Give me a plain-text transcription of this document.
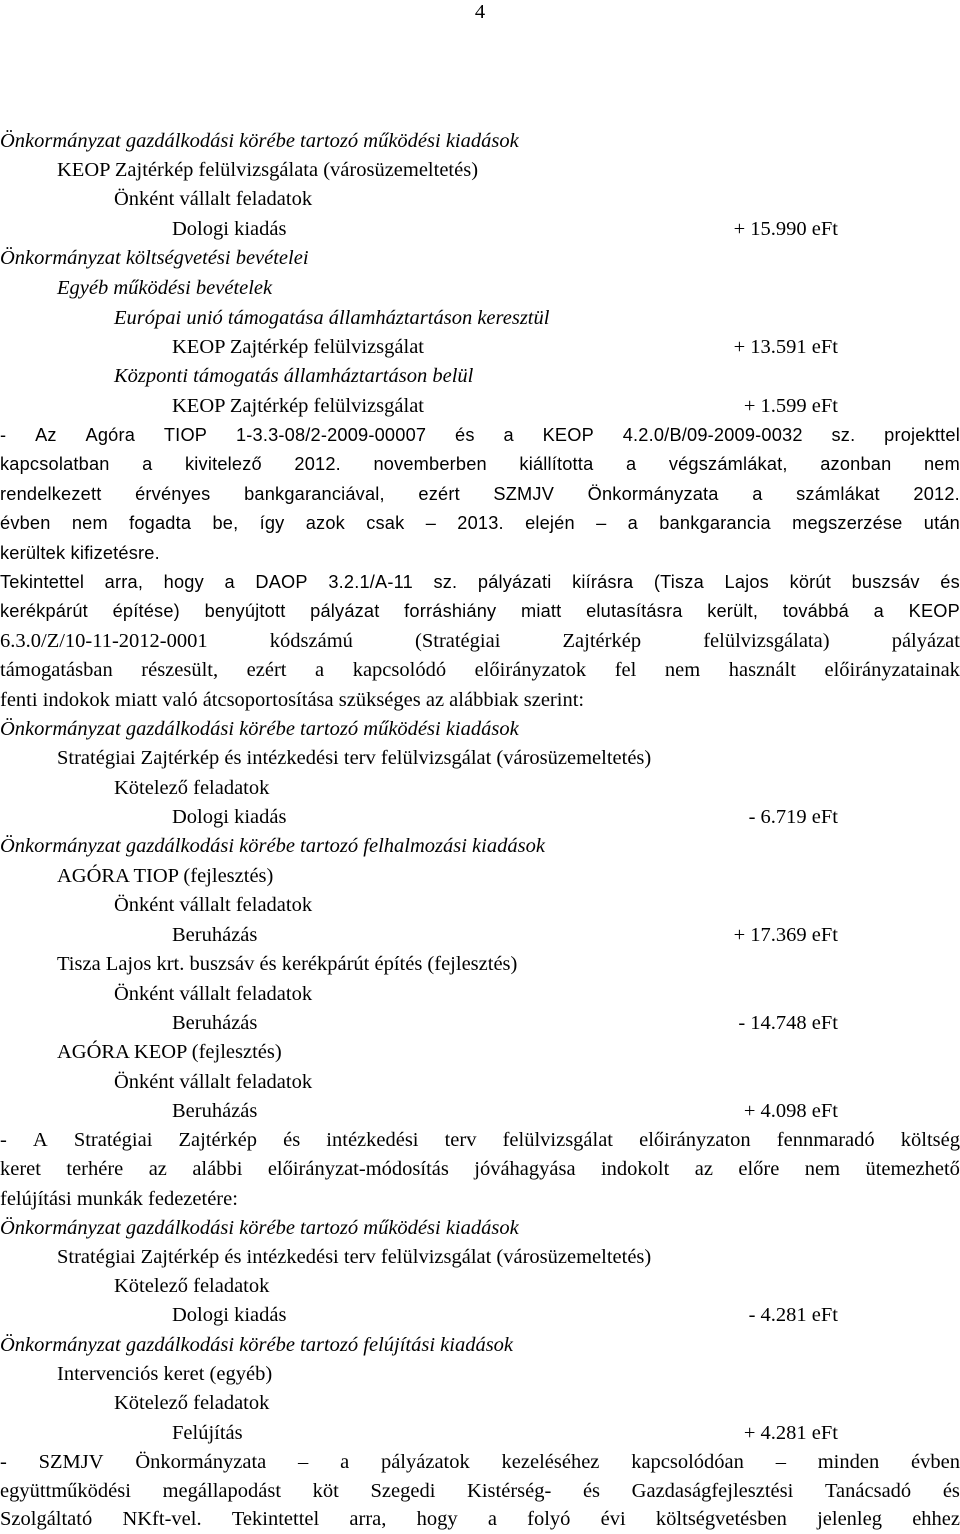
4
Önkormányzat gazdálkodási körébe tartozó működési kiadások
KEOP Zajtérkép felülvizsgálata (városüzemeltetés)
Önként vállalt feladatok
Dologi kiadás	+ 15.990 eFt
Önkormányzat költségvetési bevételei
Egyéb működési bevételek
Európai unió támogatása államháztartáson keresztül
KEOP Zajtérkép felülvizsgálat	+ 13.591 eFt
Központi támogatás államháztartáson belül
KEOP Zajtérkép felülvizsgálat	+ 1.599 eFt
- Az Agóra TIOP 1-3.3-08/2-2009-00007 és a KEOP 4.2.0/B/09-2009-0032 sz. projekttel
kapcsolatban a kivitelező 2012. novemberben kiállította a végszámlákat, azonban nem
rendelkezett érvényes bankgaranciával, ezért SZMJV Önkormányzata a számlákat 2012.
évben nem fogadta be, így azok csak – 2013. elején – a bankgarancia megszerzése után
kerültek kifizetésre.
Tekintettel arra, hogy a DAOP 3.2.1/A-11 sz. pályázati kiírásra (Tisza Lajos körút buszsáv és
kerékpárút építése) benyújtott pályázat forráshiány miatt elutasításra került, továbbá a KEOP
6.3.0/Z/10-11-2012-0001	kódszámú	(Stratégiai	Zajtérkép	felülvizsgálata)	pályázat
támogatásban részesült, ezért a kapcsolódó előirányzatok fel nem használt előirányzatainak
fenti indokok miatt való átcsoportosítása szükséges az alábbiak szerint:
Önkormányzat gazdálkodási körébe tartozó működési kiadások
Stratégiai Zajtérkép és intézkedési terv felülvizsgálat (városüzemeltetés)
Kötelező feladatok
Dologi kiadás	- 6.719 eFt
Önkormányzat gazdálkodási körébe tartozó felhalmozási kiadások
AGÓRA TIOP (fejlesztés)
Önként vállalt feladatok
Beruházás	+ 17.369 eFt
Tisza Lajos krt. buszsáv és kerékpárút építés (fejlesztés)
Önként vállalt feladatok
Beruházás	- 14.748 eFt
AGÓRA KEOP (fejlesztés)
Önként vállalt feladatok
Beruházás	+ 4.098 eFt
- A Stratégiai Zajtérkép és intézkedési terv felülvizsgálat előirányzaton fennmaradó költség
keret terhére az alábbi előirányzat-módosítás jóváhagyása indokolt az előre nem ütemezhető
felújítási munkák fedezetére:
Önkormányzat gazdálkodási körébe tartozó működési kiadások
Stratégiai Zajtérkép és intézkedési terv felülvizsgálat (városüzemeltetés)
Kötelező feladatok
Dologi kiadás	- 4.281 eFt
Önkormányzat gazdálkodási körébe tartozó felújítási kiadások
Intervenciós keret (egyéb)
Kötelező feladatok
Felújítás	+ 4.281 eFt
- SZMJV Önkormányzata – a pályázatok kezeléséhez kapcsolódóan – minden évben
együttműködési megállapodást köt Szegedi Kistérség- és Gazdaságfejlesztési Tanácsadó és
Szolgáltató NKft-vel. Tekintettel arra, hogy a folyó évi költségvetésben jelenleg ehhez
